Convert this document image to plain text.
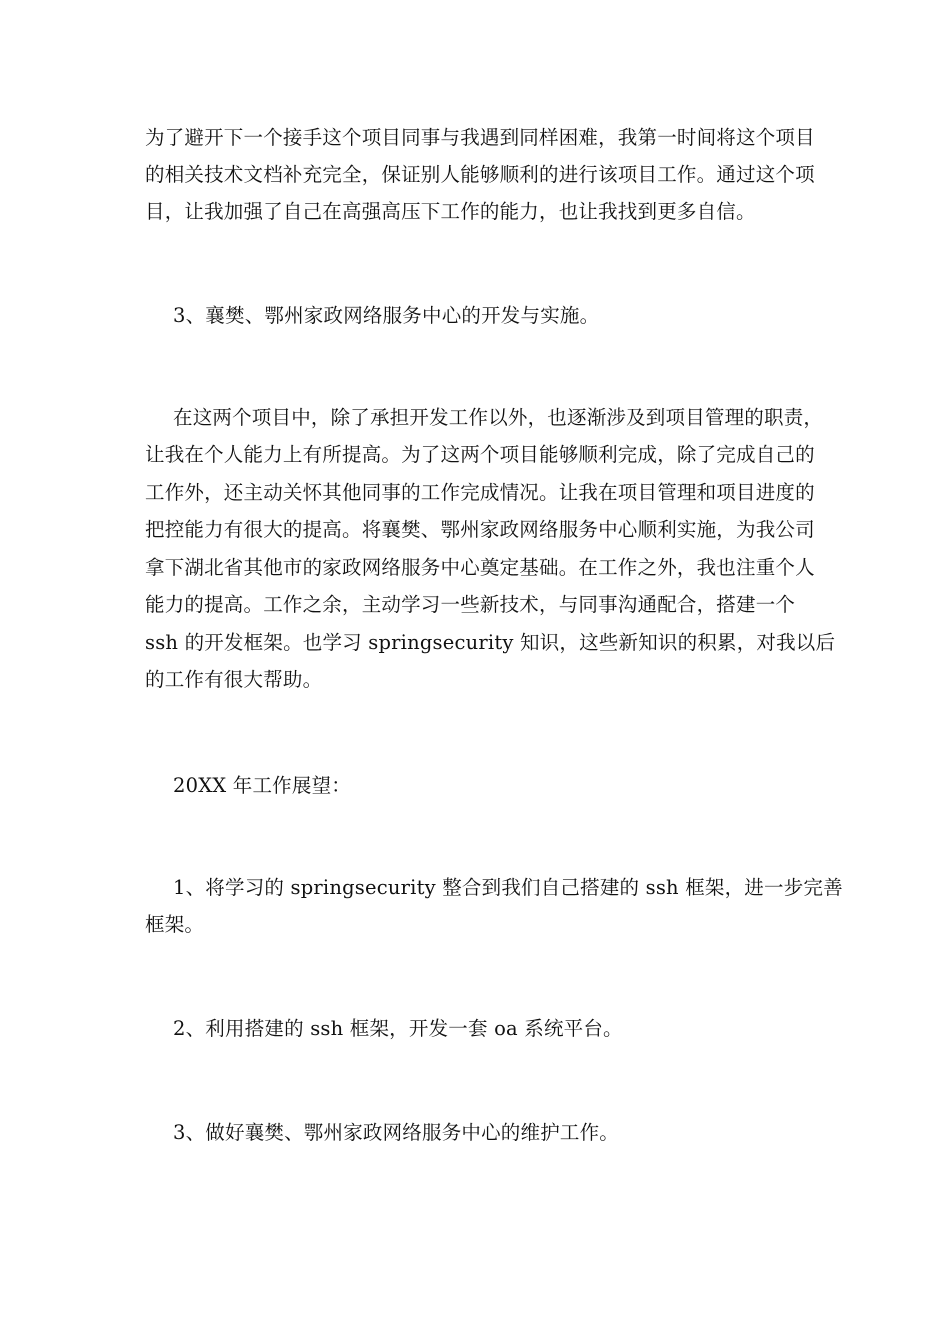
为了避开下一个接手这个项目同事与我遇到同样困难，我第一时间将这个项目
的相关技术文档补充完全，保证别人能够顺利的进行该项目工作。通过这个项
目，让我加强了自己在高强高压下工作的能力，也让我找到更多自信。
3、襄樊、鄂州家政网络服务中心的开发与实施。
在这两个项目中，除了承担开发工作以外，也逐渐涉及到项目管理的职责，
让我在个人能力上有所提高。为了这两个项目能够顺利完成，除了完成自己的
工作外，还主动关怀其他同事的工作完成情况。让我在项目管理和项目进度的
把控能力有很大的提高。将襄樊、鄂州家政网络服务中心顺利实施，为我公司
拿下湖北省其他市的家政网络服务中心奠定基础。在工作之外，我也注重个人
能力的提高。工作之余，主动学习一些新技术，与同事沟通配合，搭建一个
ssh 的开发框架。也学习 springsecurity 知识，这些新知识的积累，对我以后
的工作有很大帮助。
20XX 年工作展望：
1、将学习的 springsecurity 整合到我们自己搭建的 ssh 框架，进一步完善
框架。
2、利用搭建的 ssh 框架，开发一套 oa 系统平台。
3、做好襄樊、鄂州家政网络服务中心的维护工作。
